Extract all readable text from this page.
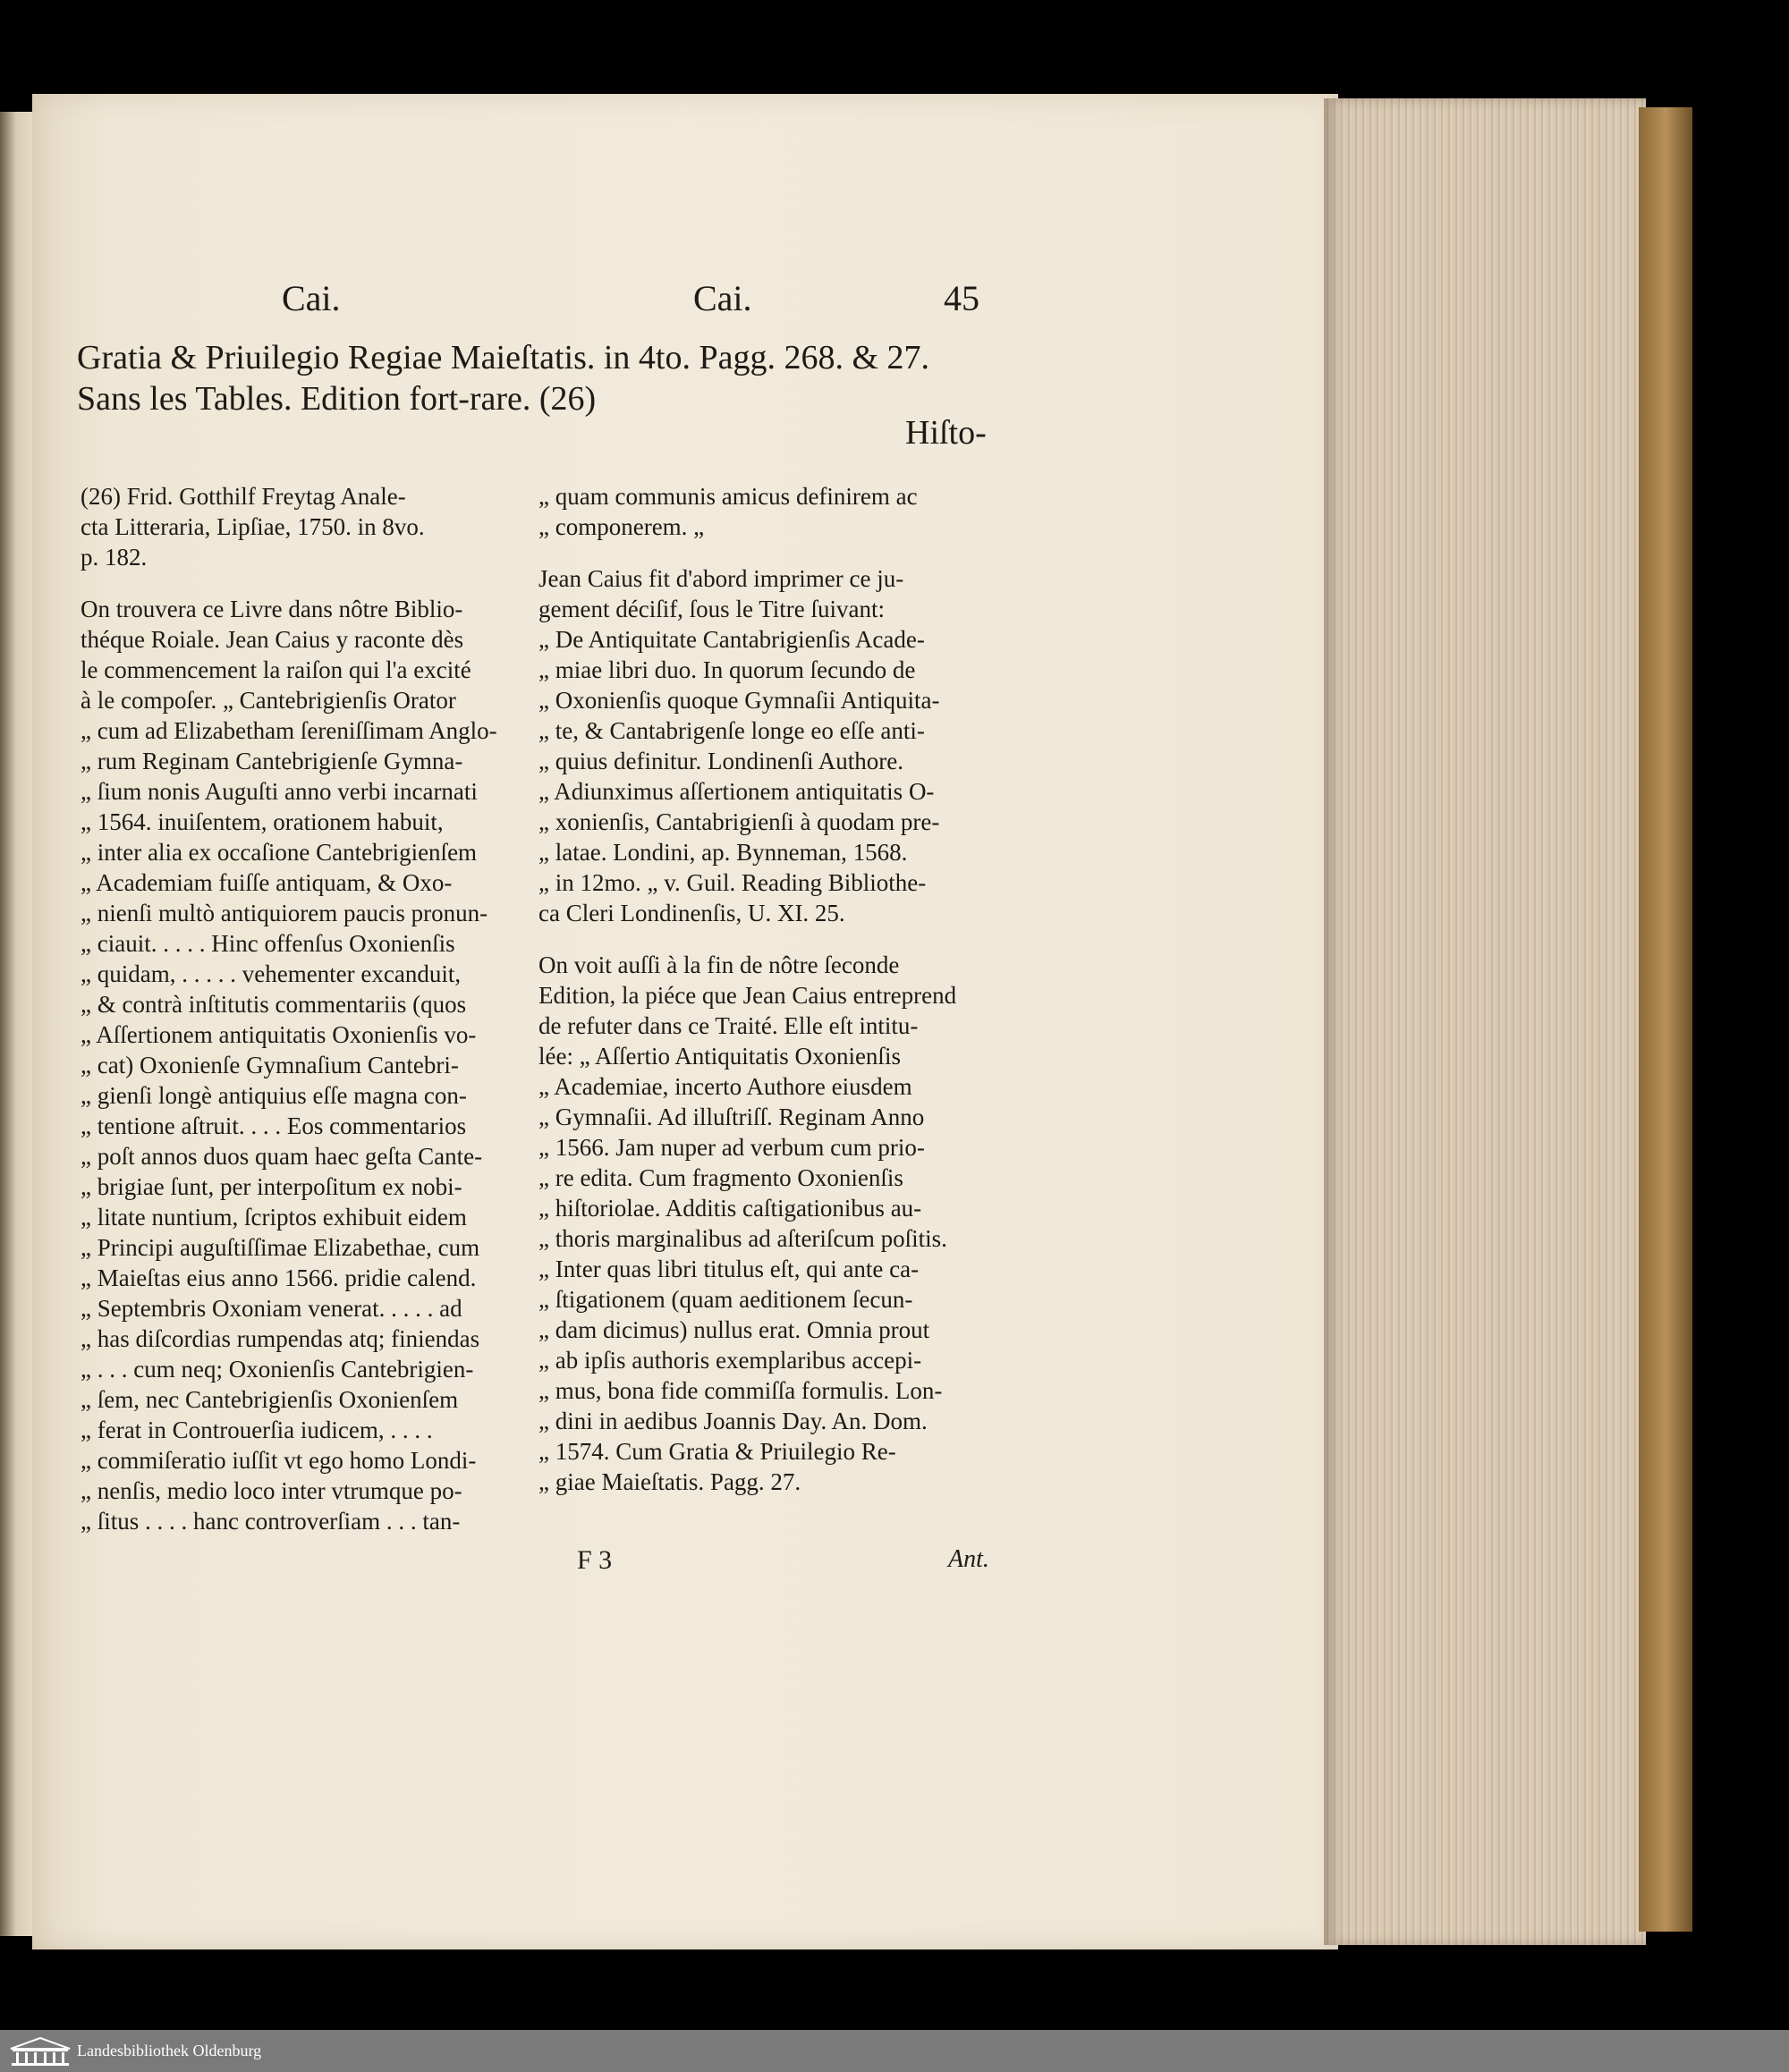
Cai.	Cai.	45
Gratia & Priuilegio Regiae Maieſtatis. in 4to. Pagg. 268. & 27.
Sans les Tables. Edition fort-rare. (26)
Hiſto-
(26) Frid. Gotthilf Freytag Anale-
cta Litteraria, Lipſiae, 1750. in 8vo.
p. 182.
On trouvera ce Livre dans nôtre Biblio-
théque Roiale. Jean Caius y raconte dès
le commencement la raiſon qui l'a excité
à le compoſer. „ Cantebrigienſis Orator
„ cum ad Elizabetham ſereniſſimam Anglo-
„ rum Reginam Cantebrigienſe Gymna-
„ ſium nonis Auguſti anno verbi incarnati
„ 1564. inuiſentem, orationem habuit,
„ inter alia ex occaſione Cantebrigienſem
„ Academiam fuiſſe antiquam, & Oxo-
„ nienſi multò antiquiorem paucis pronun-
„ ciauit. . . . . Hinc offenſus Oxonienſis
„ quidam, . . . . . vehementer excanduit,
„ & contrà inſtitutis commentariis (quos
„ Aſſertionem antiquitatis Oxonienſis vo-
„ cat) Oxonienſe Gymnaſium Cantebri-
„ gienſi longè antiquius eſſe magna con-
„ tentione aſtruit. . . . Eos commentarios
„ poſt annos duos quam haec geſta Cante-
„ brigiae ſunt, per interpoſitum ex nobi-
„ litate nuntium, ſcriptos exhibuit eidem
„ Principi auguſtiſſimae Elizabethae, cum
„ Maieſtas eius anno 1566. pridie calend.
„ Septembris Oxoniam venerat. . . . . ad
„ has diſcordias rumpendas atq; finiendas
„ . . . cum neq; Oxonienſis Cantebrigien-
„ ſem, nec Cantebrigienſis Oxonienſem
„ ferat in Controuerſia iudicem, . . . .
„ commiſeratio iuſſit vt ego homo Londi-
„ nenſis, medio loco inter vtrumque po-
„ ſitus . . . . hanc controverſiam . . . tan-
„ quam communis amicus definirem ac
„ componerem. „
Jean Caius fit d'abord imprimer ce ju-
gement déciſif, ſous le Titre ſuivant:
„ De Antiquitate Cantabrigienſis Acade-
„ miae libri duo. In quorum ſecundo de
„ Oxonienſis quoque Gymnaſii Antiquita-
„ te, & Cantabrigenſe longe eo eſſe anti-
„ quius definitur. Londinenſi Authore.
„ Adiunximus aſſertionem antiquitatis O-
„ xonienſis, Cantabrigienſi à quodam pre-
„ latae. Londini, ap. Bynneman, 1568.
„ in 12mo. „ v. Guil. Reading Bibliothe-
ca Cleri Londinenſis, U. XI. 25.
On voit auſſi à la fin de nôtre ſeconde
Edition, la piéce que Jean Caius entreprend
de refuter dans ce Traité. Elle eſt intitu-
lée: „ Aſſertio Antiquitatis Oxonienſis
„ Academiae, incerto Authore eiusdem
„ Gymnaſii. Ad illuſtriſſ. Reginam Anno
„ 1566. Jam nuper ad verbum cum prio-
„ re edita. Cum fragmento Oxonienſis
„ hiſtoriolae. Additis caſtigationibus au-
„ thoris marginalibus ad aſteriſcum poſitis.
„ Inter quas libri titulus eſt, qui ante ca-
„ ſtigationem (quam aeditionem ſecun-
„ dam dicimus) nullus erat. Omnia prout
„ ab ipſis authoris exemplaribus accepi-
„ mus, bona fide commiſſa formulis. Lon-
„ dini in aedibus Joannis Day. An. Dom.
„ 1574. Cum Gratia & Priuilegio Re-
„ giae Maieſtatis. Pagg. 27.
F 3	Ant.
Landesbibliothek Oldenburg
